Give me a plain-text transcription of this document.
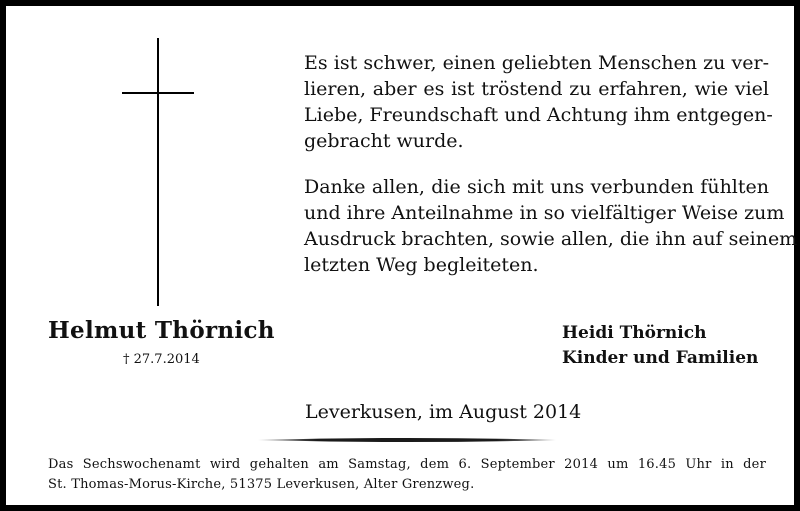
Es ist schwer, einen geliebten Menschen zu ver-
lieren, aber es ist tröstend zu erfahren, wie viel
Liebe, Freundschaft und Achtung ihm entgegen-
gebracht wurde.

Danke allen, die sich mit uns verbunden fühlten
und ihre Anteilnahme in so vielfältiger Weise zum
Ausdruck brachten, sowie allen, die ihn auf seinem
letzten Weg begleiteten.

Helmut Thörnich
† 27.7.2014
Heidi Thörnich
Kinder und Familien
Leverkusen, im August 2014
Das Sechswochenamt wird gehalten am Samstag, dem 6. September 2014 um 16.45 Uhr in der
St. Thomas-Morus-Kirche, 51375 Leverkusen, Alter Grenzweg.
